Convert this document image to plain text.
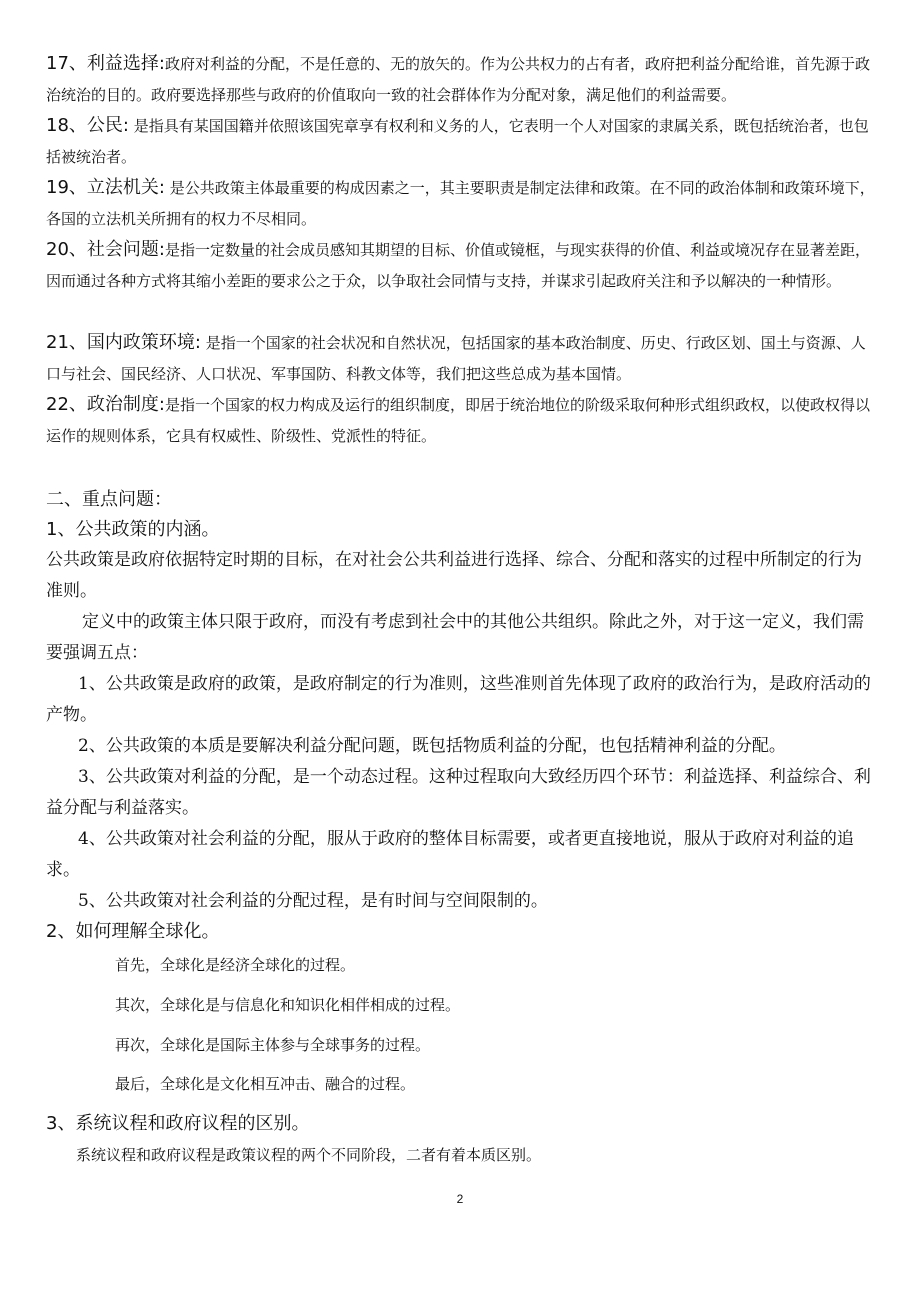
17、利益选择:政府对利益的分配，不是任意的、无的放矢的。作为公共权力的占有者，政府把利益分配给谁，首先源于政治统治的目的。政府要选择那些与政府的价值取向一致的社会群体作为分配对象，满足他们的利益需要。
18、公民: 是指具有某国国籍并依照该国宪章享有权利和义务的人，它表明一个人对国家的隶属关系，既包括统治者，也包括被统治者。
19、立法机关: 是公共政策主体最重要的构成因素之一，其主要职责是制定法律和政策。在不同的政治体制和政策环境下，各国的立法机关所拥有的权力不尽相同。
20、社会问题:是指一定数量的社会成员感知其期望的目标、价值或镜框，与现实获得的价值、利益或境况存在显著差距，因而通过各种方式将其缩小差距的要求公之于众，以争取社会同情与支持，并谋求引起政府关注和予以解决的一种情形。
21、国内政策环境: 是指一个国家的社会状况和自然状况，包括国家的基本政治制度、历史、行政区划、国土与资源、人口与社会、国民经济、人口状况、军事国防、科教文体等，我们把这些总成为基本国情。
22、政治制度:是指一个国家的权力构成及运行的组织制度，即居于统治地位的阶级采取何种形式组织政权，以使政权得以运作的规则体系，它具有权威性、阶级性、党派性的特征。
二、重点问题：
1、公共政策的内涵。
公共政策是政府依据特定时期的目标，在对社会公共利益进行选择、综合、分配和落实的过程中所制定的行为准则。
定义中的政策主体只限于政府，而没有考虑到社会中的其他公共组织。除此之外，对于这一定义，我们需要强调五点：
1、公共政策是政府的政策，是政府制定的行为准则，这些准则首先体现了政府的政治行为，是政府活动的产物。
2、公共政策的本质是要解决利益分配问题，既包括物质利益的分配，也包括精神利益的分配。
3、公共政策对利益的分配，是一个动态过程。这种过程取向大致经历四个环节：利益选择、利益综合、利益分配与利益落实。
4、公共政策对社会利益的分配，服从于政府的整体目标需要，或者更直接地说，服从于政府对利益的追求。
5、公共政策对社会利益的分配过程，是有时间与空间限制的。
2、如何理解全球化。
首先，全球化是经济全球化的过程。
其次，全球化是与信息化和知识化相伴相成的过程。
再次，全球化是国际主体参与全球事务的过程。
最后，全球化是文化相互冲击、融合的过程。
3、系统议程和政府议程的区别。
系统议程和政府议程是政策议程的两个不同阶段，二者有着本质区别。
2
